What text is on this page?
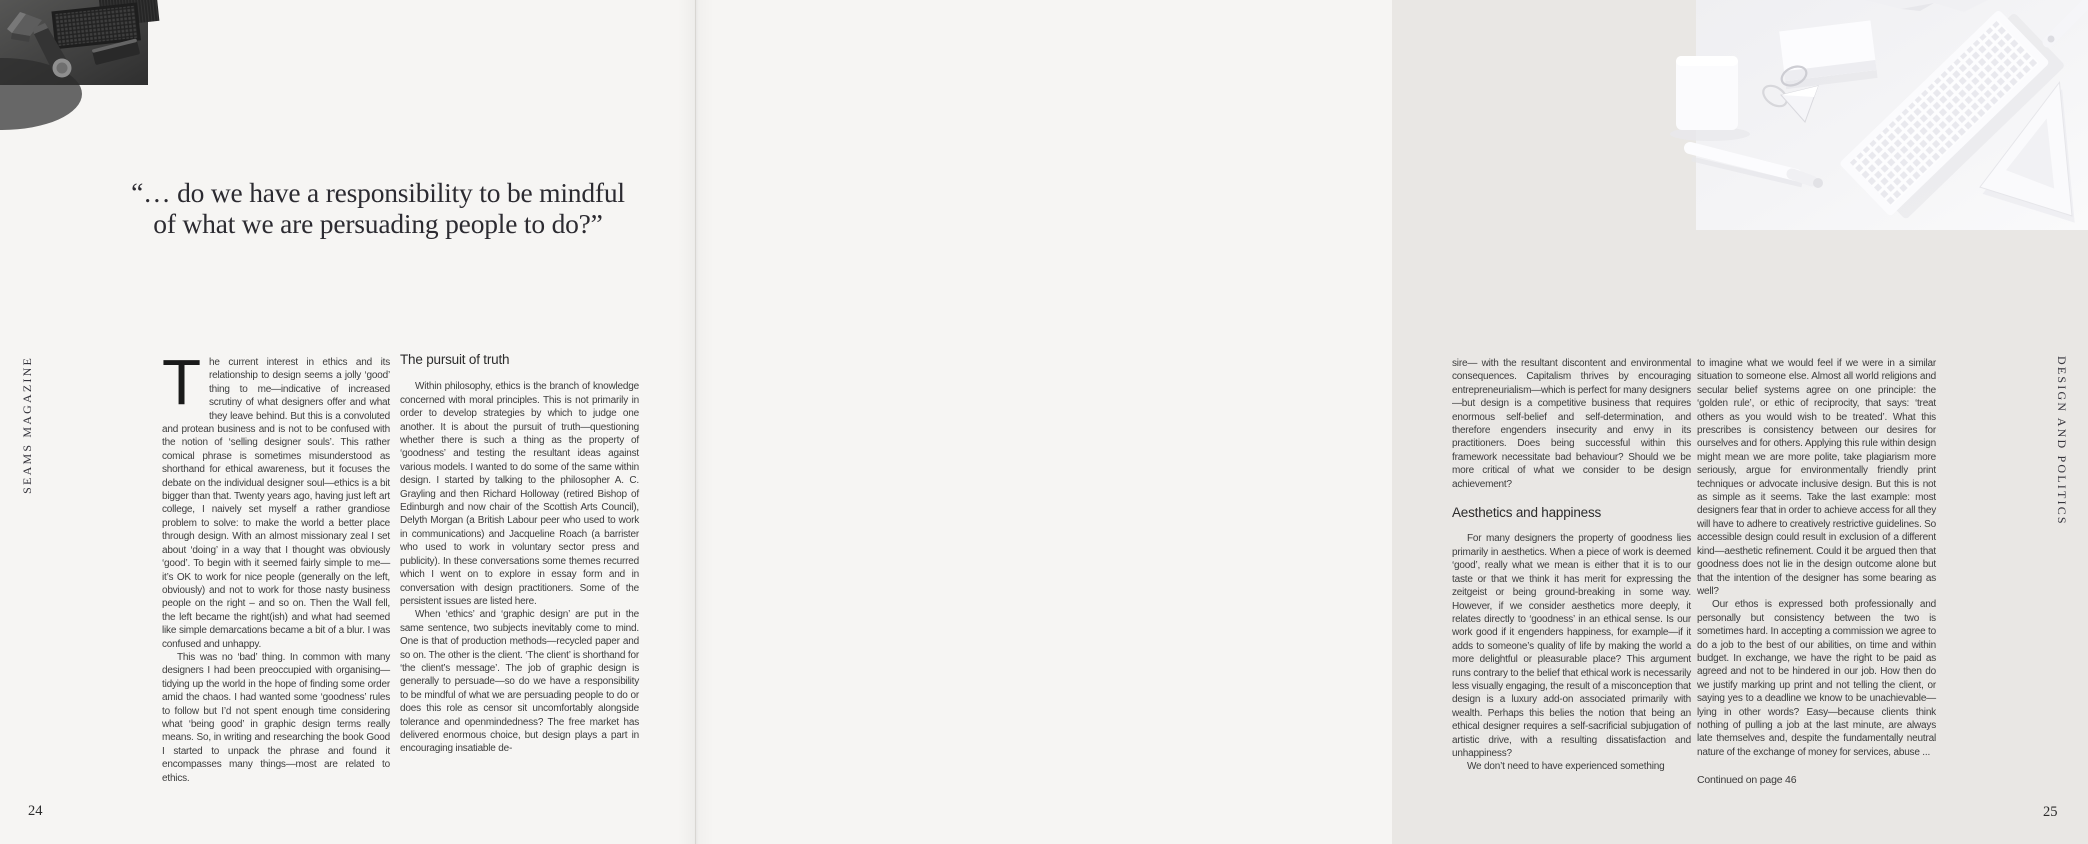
“… do we have a responsibility to be mindful
of what we are persuading people to do?”
SEAMS MAGAZINE The current interest in ethics and its relationship to design seems a jolly ‘good’ thing to me—indicative of increased scrutiny of what designers offer and what they leave behind. But this is a convoluted and protean business and is not to be confused with the notion of ‘selling designer souls’. This rather comical phrase is sometimes misunderstood as shorthand for ethical awareness, but it focuses the debate on the individual designer soul—ethics is a bit bigger than that. Twenty years ago, having just left art college, I naively set myself a rather grandiose problem to solve: to make the world a better place through design. With an almost missionary zeal I set about ‘doing’ in a way that I thought was obviously ‘good’. To begin with it seemed fairly simple to me—it’s OK to work for nice people (generally on the left, obviously) and not to work for those nasty business people on the right – and so on. Then the Wall fell, the left became the right(ish) and what had seemed like simple demarcations became a bit of a blur. I was confused and unhappy.

This was no ‘bad’ thing. In common with many designers I had been preoccupied with organising—tidying up the world in the hope of finding some order amid the chaos. I had wanted some ‘goodness’ rules to follow but I’d not spent enough time considering what ‘being good’ in graphic design terms really means. So, in writing and researching the book Good I started to unpack the phrase and found it encompasses many things—most are related to ethics.

The pursuit of truth

Within philosophy, ethics is the branch of knowledge concerned with moral principles. This is not primarily in order to develop strategies by which to judge one another. It is about the pursuit of truth—questioning whether there is such a thing as the property of ‘goodness’ and testing the resultant ideas against various models. I wanted to do some of the same within design. I started by talking to the philosopher A. C. Grayling and then Richard Holloway (retired Bishop of Edinburgh and now chair of the Scottish Arts Council), Delyth Morgan (a British Labour peer who used to work in communications) and Jacqueline Roach (a barrister who used to work in voluntary sector press and publicity). In these conversations some themes recurred which I went on to explore in essay form and in conversation with design practitioners. Some of the persistent issues are listed here.

When ‘ethics’ and ‘graphic design’ are put in the same sentence, two subjects inevitably come to mind. One is that of production methods—recycled paper and so on. The other is the client. ‘The client’ is shorthand for ‘the client’s message’. The job of graphic design is generally to persuade—so do we have a responsibility to be mindful of what we are persuading people to do or does this role as censor sit uncomfortably alongside tolerance and openmindedness? The free market has delivered enormous choice, but design plays a part in encouraging insatiable de-

24

sire— with the resultant discontent and environmental consequences. Capitalism thrives by encouraging entrepreneurialism—which is perfect for many designers—but design is a competitive business that requires enormous self-belief and self-determination, and therefore engenders insecurity and envy in its practitioners. Does being successful within this framework necessitate bad behaviour? Should we be more critical of what we consider to be design achievement?

Aesthetics and happiness

For many designers the property of goodness lies primarily in aesthetics. When a piece of work is deemed ‘good’, really what we mean is either that it is to our taste or that we think it has merit for expressing the zeitgeist or being ground-breaking in some way. However, if we consider aesthetics more deeply, it relates directly to ‘goodness’ in an ethical sense. Is our work good if it engenders happiness, for example—if it adds to someone’s quality of life by making the world a more delightful or pleasurable place? This argument runs contrary to the belief that ethical work is necessarily less visually engaging, the result of a misconception that design is a luxury add-on associated primarily with wealth. Perhaps this belies the notion that being an ethical designer requires a self-sacrificial subjugation of artistic drive, with a resulting dissatisfaction and unhappiness?

We don’t need to have experienced something

to imagine what we would feel if we were in a similar situation to someone else. Almost all world religions and secular belief systems agree on one principle: the ‘golden rule’, or ethic of reciprocity, that says: ‘treat others as you would wish to be treated’. What this prescribes is consistency between our desires for ourselves and for others. Applying this rule within design might mean we are more polite, take plagiarism more seriously, argue for environmentally friendly print techniques or advocate inclusive design. But this is not as simple as it seems. Take the last example: most designers fear that in order to achieve access for all they will have to adhere to creatively restrictive guidelines. So accessible design could result in exclusion of a different kind—aesthetic refinement. Could it be argued then that goodness does not lie in the design outcome alone but that the intention of the designer has some bearing as well?

Our ethos is expressed both professionally and personally but consistency between the two is sometimes hard. In accepting a commission we agree to do a job to the best of our abilities, on time and within budget. In exchange, we have the right to be paid as agreed and not to be hindered in our job. How then do we justify marking up print and not telling the client, or saying yes to a deadline we know to be unachievable—lying in other words? Easy—because clients think nothing of pulling a job at the last minute, are always late themselves and, despite the fundamentally neutral nature of the exchange of money for services, abuse ...

Continued on page 46

DESIGN AND POLITICS
25
